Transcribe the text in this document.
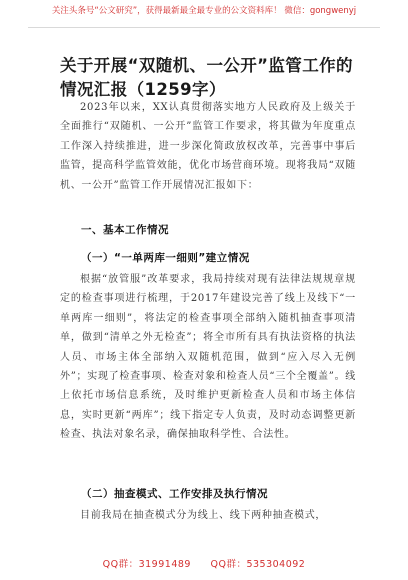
关注头条号“公文研究”，获得最新最全最专业的公文资料库！ 微信：gongwenyj
关于开展“双随机、一公开”监管工作的情况汇报（1259字）

2023年以来，XX认真贯彻落实地方人民政府及上级关于全面推行“双随机、一公开”监管工作要求，将其做为年度重点工作深入持续推进，进一步深化简政放权改革，完善事中事后监管，提高科学监管效能，优化市场营商环境。现将我局“双随机、一公开”监管工作开展情况汇报如下：

一、基本工作情况
（一）“一单两库一细则”建立情况

根据“放管服”改革要求，我局持续对现有法律法规规章规定的检查事项进行梳理，于2017年建设完善了线上及线下“一单两库一细则”，将法定的检查事项全部纳入随机抽查事项清单，做到“清单之外无检查”；将全市所有具有执法资格的执法人员、市场主体全部纳入双随机范围，做到“应入尽入无例外”；实现了检查事项、检查对象和检查人员“三个全覆盖”。线上依托市场信息系统，及时维护更新检查人员和市场主体信息，实时更新“两库”；线下指定专人负责，及时动态调整更新检查、执法对象名录，确保抽取科学性、合法性。

（二）抽查模式、工作安排及执行情况

目前我局在抽查模式分为线上、线下两种抽查模式，

QQ群：31991489 QQ群：535304092
